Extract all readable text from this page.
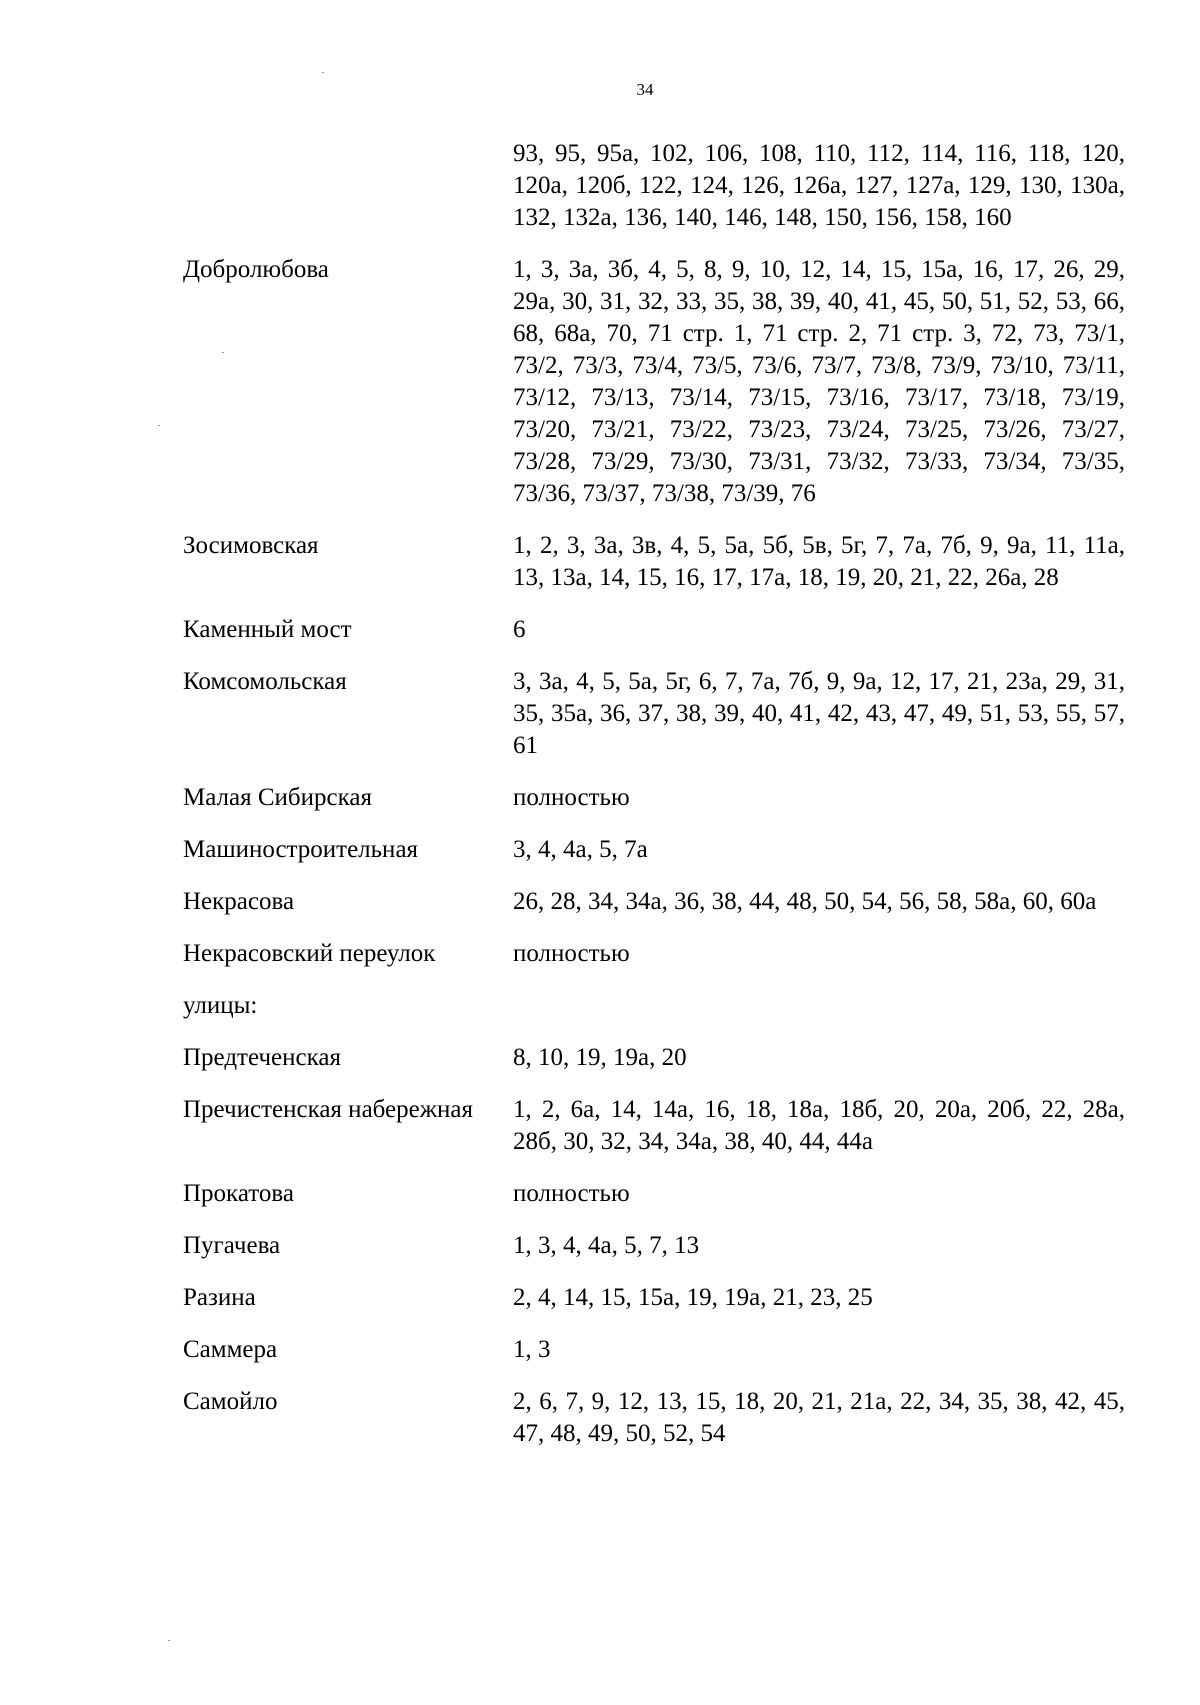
34
93, 95, 95а, 102, 106, 108, 110, 112, 114, 116, 118, 120, 120а, 120б, 122, 124, 126, 126а, 127, 127а, 129, 130, 130а, 132, 132а, 136, 140, 146, 148, 150, 156, 158, 160
Добролюбова	1, 3, 3а, 3б, 4, 5, 8, 9, 10, 12, 14, 15, 15а, 16, 17, 26, 29, 29а, 30, 31, 32, 33, 35, 38, 39, 40, 41, 45, 50, 51, 52, 53, 66, 68, 68а, 70, 71 стр. 1, 71 стр. 2, 71 стр. 3, 72, 73, 73/1, 73/2, 73/3, 73/4, 73/5, 73/6, 73/7, 73/8, 73/9, 73/10, 73/11, 73/12, 73/13, 73/14, 73/15, 73/16, 73/17, 73/18, 73/19, 73/20, 73/21, 73/22, 73/23, 73/24, 73/25, 73/26, 73/27, 73/28, 73/29, 73/30, 73/31, 73/32, 73/33, 73/34, 73/35, 73/36, 73/37, 73/38, 73/39, 76
Зосимовская	1, 2, 3, 3а, 3в, 4, 5, 5а, 5б, 5в, 5г, 7, 7а, 7б, 9, 9а, 11, 11а, 13, 13а, 14, 15, 16, 17, 17а, 18, 19, 20, 21, 22, 26а, 28
Каменный мост	6
Комсомольская	3, 3а, 4, 5, 5а, 5г, 6, 7, 7а, 7б, 9, 9а, 12, 17, 21, 23а, 29, 31, 35, 35а, 36, 37, 38, 39, 40, 41, 42, 43, 47, 49, 51, 53, 55, 57, 61
Малая Сибирская	полностью
Машиностроительная	3, 4, 4а, 5, 7а
Некрасова	26, 28, 34, 34а, 36, 38, 44, 48, 50, 54, 56, 58, 58а, 60, 60а
Некрасовский переулок	полностью
улицы:
Предтеченская	8, 10, 19, 19а, 20
Пречистенская набережная	1, 2, 6а, 14, 14а, 16, 18, 18а, 18б, 20, 20а, 20б, 22, 28а, 28б, 30, 32, 34, 34а, 38, 40, 44, 44а
Прокатова	полностью
Пугачева	1, 3, 4, 4а, 5, 7, 13
Разина	2, 4, 14, 15, 15а, 19, 19а, 21, 23, 25
Саммера	1, 3
Самойло	2, 6, 7, 9, 12, 13, 15, 18, 20, 21, 21а, 22, 34, 35, 38, 42, 45, 47, 48, 49, 50, 52, 54
